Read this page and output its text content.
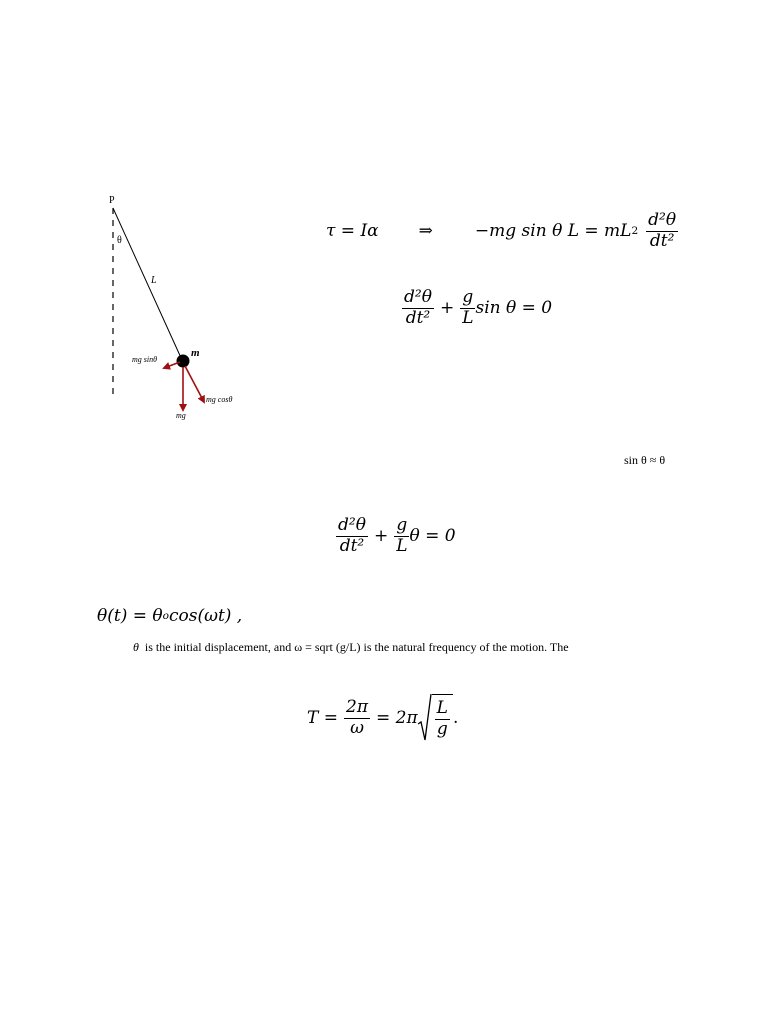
P
θ
L
m
mg sinθ
mg cosθ
mg
τ = Iα ⇒ −mg sin θ L = mL $2 \frac{\text{d²θ}}{\text{dt²}}$
$\frac{\text{d²θ}}{\text{dt²}} + \frac{g}{L}$ sin θ = 0
sin θ ≈ θ
$\frac{\text{d²θ}}{\text{dt²}} + \frac{g}{L}$ θ = 0
θ(t) = θ o cos(ωt) ,
θ  is the initial displacement, and ω = sqrt (g/L) is the natural frequency of the motion. The
$T = \frac{2\pi}{\omega} = 2\pi \frac{L}{g}$ .
